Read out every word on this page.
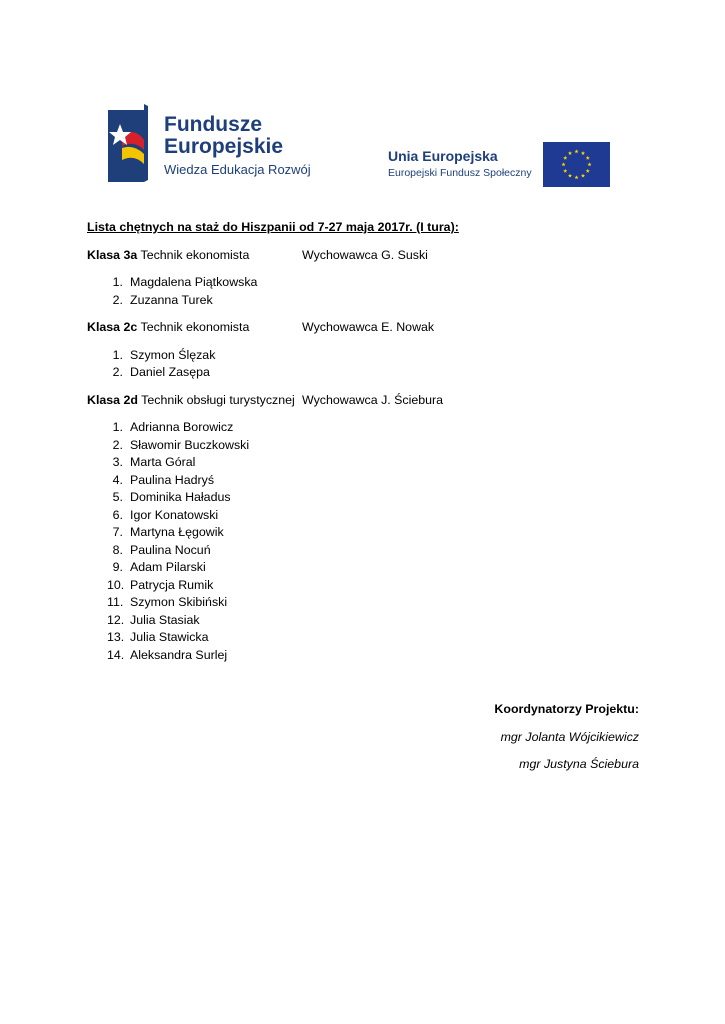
Fundusze
Europejskie
Wiedza Edukacja Rozwój
Unia Europejska
Europejski Fundusz Społeczny
Lista chętnych na staż do Hiszpanii od 7-27 maja 2017r. (I tura):
Klasa 3a Technik ekonomista	Wychowawca G. Suski
1. Magdalena Piątkowska
2. Zuzanna Turek
Klasa 2c Technik ekonomista	Wychowawca E. Nowak
1. Szymon Ślęzak
2. Daniel Zasępa
Klasa 2d Technik obsługi turystycznej Wychowawca J. Ściebura
1. Adrianna Borowicz
2. Sławomir Buczkowski
3. Marta Góral
4. Paulina Hadryś
5. Dominika Haładus
6. Igor Konatowski
7. Martyna Łęgowik
8. Paulina Nocuń
9. Adam Pilarski
10. Patrycja Rumik
11. Szymon Skibiński
12. Julia Stasiak
13. Julia Stawicka
14. Aleksandra Surlej
Koordynatorzy Projektu:
mgr Jolanta Wójcikiewicz
mgr Justyna Ściebura
